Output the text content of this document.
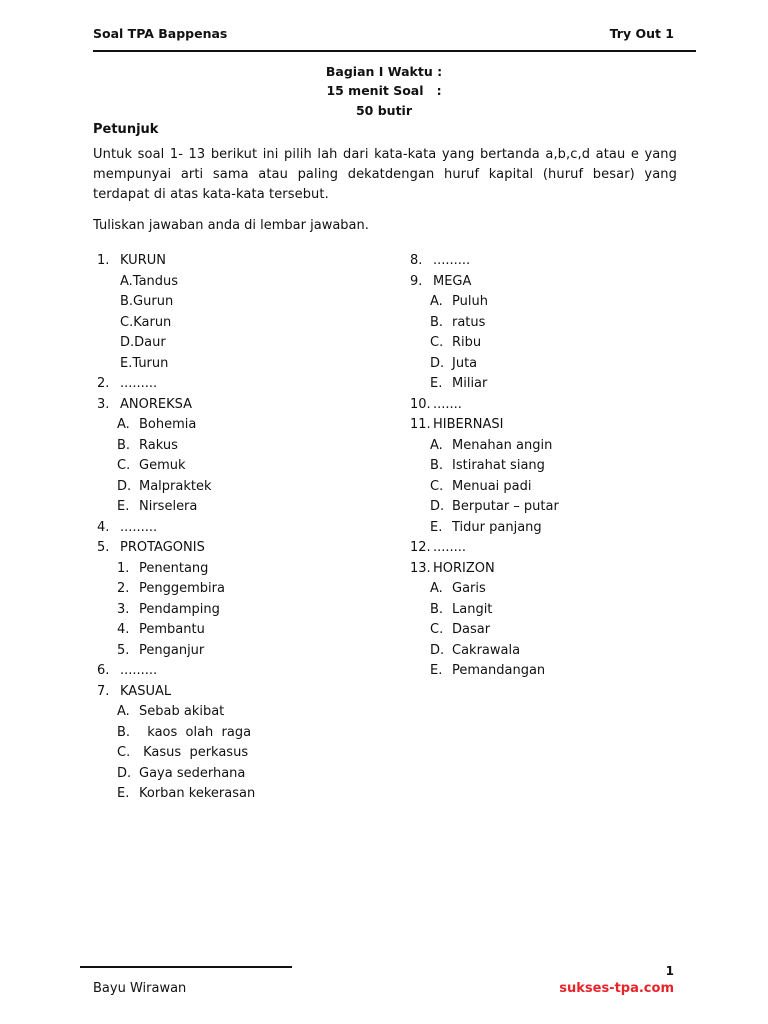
Soal TPA Bappenas	Try Out 1
Bagian I Waktu :
15 menit Soal   :
50 butir
Petunjuk
Untuk soal 1- 13 berikut ini pilih lah dari kata-kata yang bertanda a,b,c,d atau e yang mempunyai arti sama atau paling dekatdengan huruf kapital (huruf besar) yang terdapat di atas kata-kata tersebut.
Tuliskan jawaban anda di lembar jawaban.
1. KURUN
A.Tandus
B.Gurun
C.Karun
D.Daur
E.Turun
2. .........
3. ANOREKSA
A. Bohemia
B. Rakus
C. Gemuk
D. Malpraktek
E. Nirselera
4. .........
5. PROTAGONIS
1. Penentang
2. Penggembira
3. Pendamping
4. Pembantu
5. Penganjur
6. .........
7. KASUAL
A. Sebab akibat
B. kaos  olah  raga
C. Kasus  perkasus
D. Gaya sederhana
E. Korban kekerasan
8. .........
9. MEGA
A. Puluh
B. ratus
C. Ribu
D. Juta
E. Miliar
10. .......
11. HIBERNASI
A. Menahan angin
B. Istirahat siang
C. Menuai padi
D. Berputar – putar
E. Tidur panjang
12. ........
13. HORIZON
A. Garis
B. Langit
C. Dasar
D. Cakrawala
E. Pemandangan
1
Bayu Wirawan	sukses-tpa.com
